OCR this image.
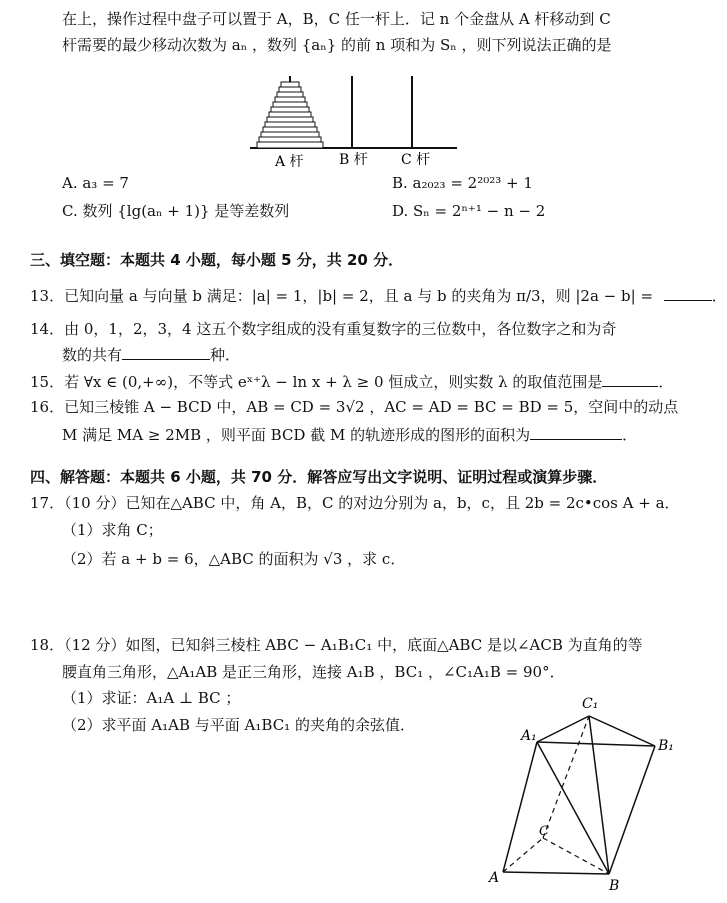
在上，操作过程中盘子可以置于 A，B，C 任一杆上．记 n 个金盘从 A 杆移动到 C
杆需要的最少移动次数为 aₙ ，数列 {aₙ} 的前 n 项和为 Sₙ ，则下列说法正确的是
A 杆	B 杆 C 杆
A. a₃ = 7	B. a₂₀₂₃ = 2²⁰²³ + 1
C. 数列 {lg(aₙ + 1)} 是等差数列	D. Sₙ = 2ⁿ⁺¹ − n − 2
三、填空题：本题共 4 小题，每小题 5 分，共 20 分．
13．已知向量 a 与向量 b 满足：|a| = 1，|b| = 2，且 a 与 b 的夹角为 π/3，则 |2a − b| =	．
14．由 0，1，2，3，4 这五个数字组成的没有重复数字的三位数中，各位数字之和为奇
数的共有	种．
15．若 ∀x ∈ (0,+∞)，不等式 eˣ⁺λ − ln x + λ ≥ 0 恒成立，则实数 λ 的取值范围是	．
16．已知三棱锥 A − BCD 中，AB = CD = 3√2 ，AC = AD = BC = BD = 5，空间中的动点
M 满足 MA ≥ 2MB ，则平面 BCD 截 M 的轨迹形成的图形的面积为	．
四、解答题：本题共 6 小题，共 70 分．解答应写出文字说明、证明过程或演算步骤．
17．（10 分）已知在△ABC 中，角 A，B，C 的对边分别为 a，b，c，且 2b = 2c•cos A + a．
（1）求角 C；
（2）若 a + b = 6，△ABC 的面积为 √3 ，求 c．
18．（12 分）如图，已知斜三棱柱 ABC − A₁B₁C₁ 中，底面△ABC 是以∠ACB 为直角的等
腰直角三角形，△A₁AB 是正三角形，连接 A₁B ，BC₁ ，∠C₁A₁B = 90°．
（1）求证：A₁A ⊥ BC ；
（2）求平面 A₁AB 与平面 A₁BC₁ 的夹角的余弦值．
C₁
A₁
B₁
C
A	B
